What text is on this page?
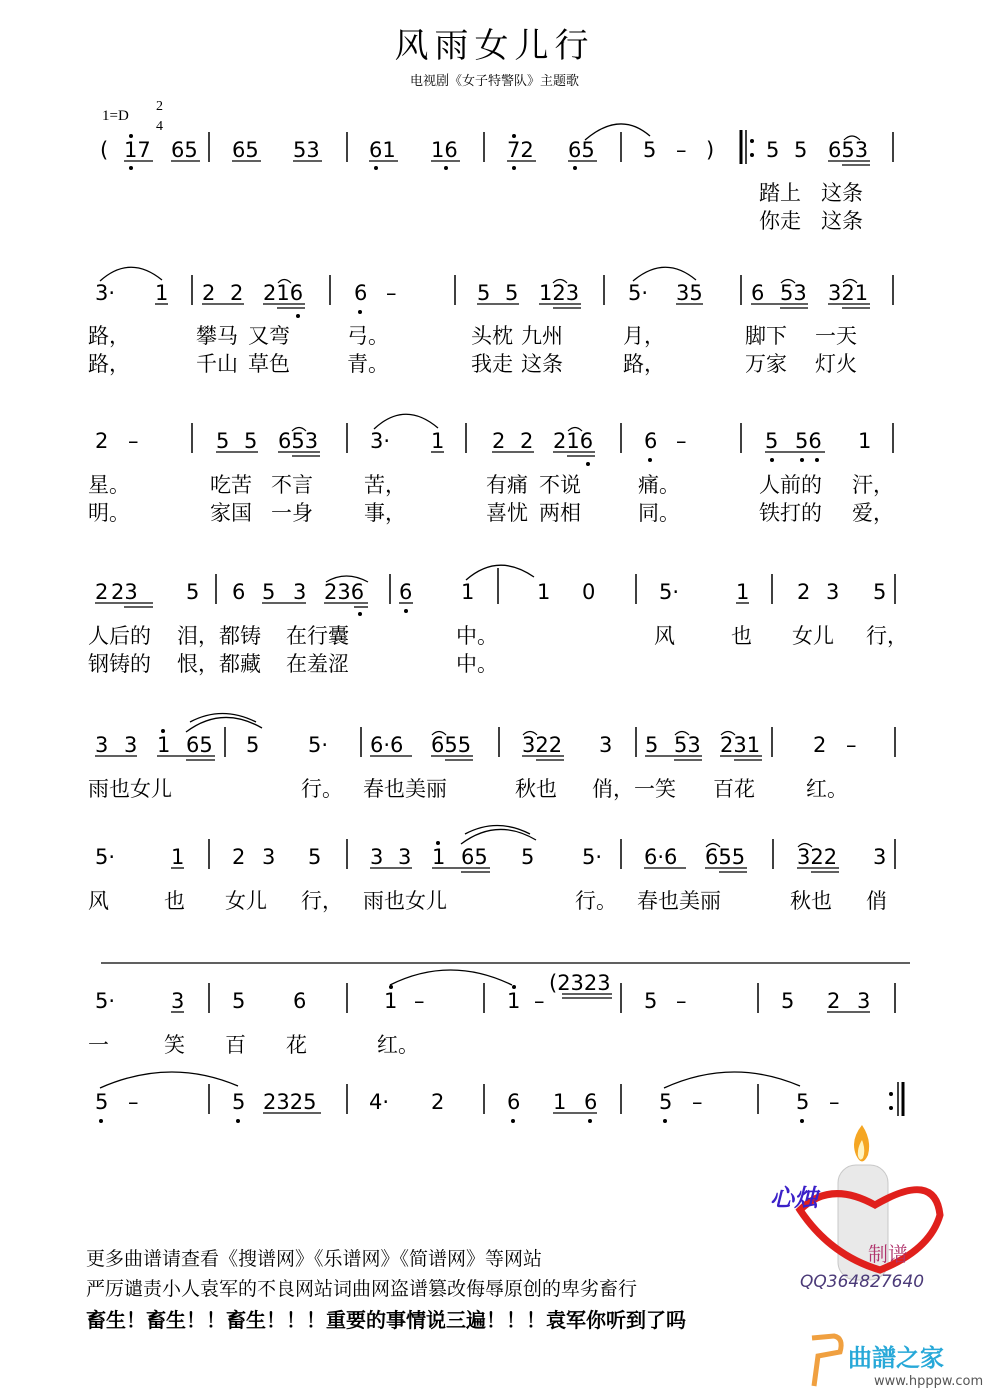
风雨女儿行
电视剧《女子特警队》主题歌
1=D
2
4
( 17 65 65 53 61 16 72 65 5 – ) 5 5 653
踏上 这条
你走 这条
3· 1 2 2 216 6 –	5 5 123 5· 35 6 53 321
路，	攀马 又弯	弓。	头枕 九州	月，	脚下 一天
路，	千山 草色	青。	我走 这条	路，	万家 灯火
2 –	5 5 653 3· 1 2 2 216 6 –	5 56 1
星。	吃苦 不言 苦，	有痛 不说	痛。	人前的 汗，
明。	家国 一身 事，	喜忧 两相	同。	铁打的 爱，
2 23 5 6 5 3 236 6 1	1 0	5·	1 2 3 5
人后的 泪，都铸 在行囊	中。	风	也 女儿 行，
钢铸的 恨，都藏 在羞涩	中。
3 3 1 65 5 5· 6·6 655 322 3 5 53 231	2 –
雨也女儿	行。 春也美丽	秋也 俏，一笑 百花 红。
5·	1 2 3 5 3 3 1 65 5 5· 6·6 655 322 3
风	也 女儿 行， 雨也女儿	行。 春也美丽	秋也 俏
5·	3 5 6	1 –	1 –
(2323
5 –	5 2 3
一	笑 百 花	红。
5 –	5 2325	4· 2	6 1 6	5 –	5 –
心烛
制谱
QQ364827640
更多曲谱请查看《搜谱网》《乐谱网》《简谱网》等网站
严厉谴责小人袁军的不良网站词曲网盗谱篡改侮辱原创的卑劣畜行
畜生！畜生！！畜生！！！重要的事情说三遍！！！袁军你听到了吗
曲譜之家
www.hpppw.com
